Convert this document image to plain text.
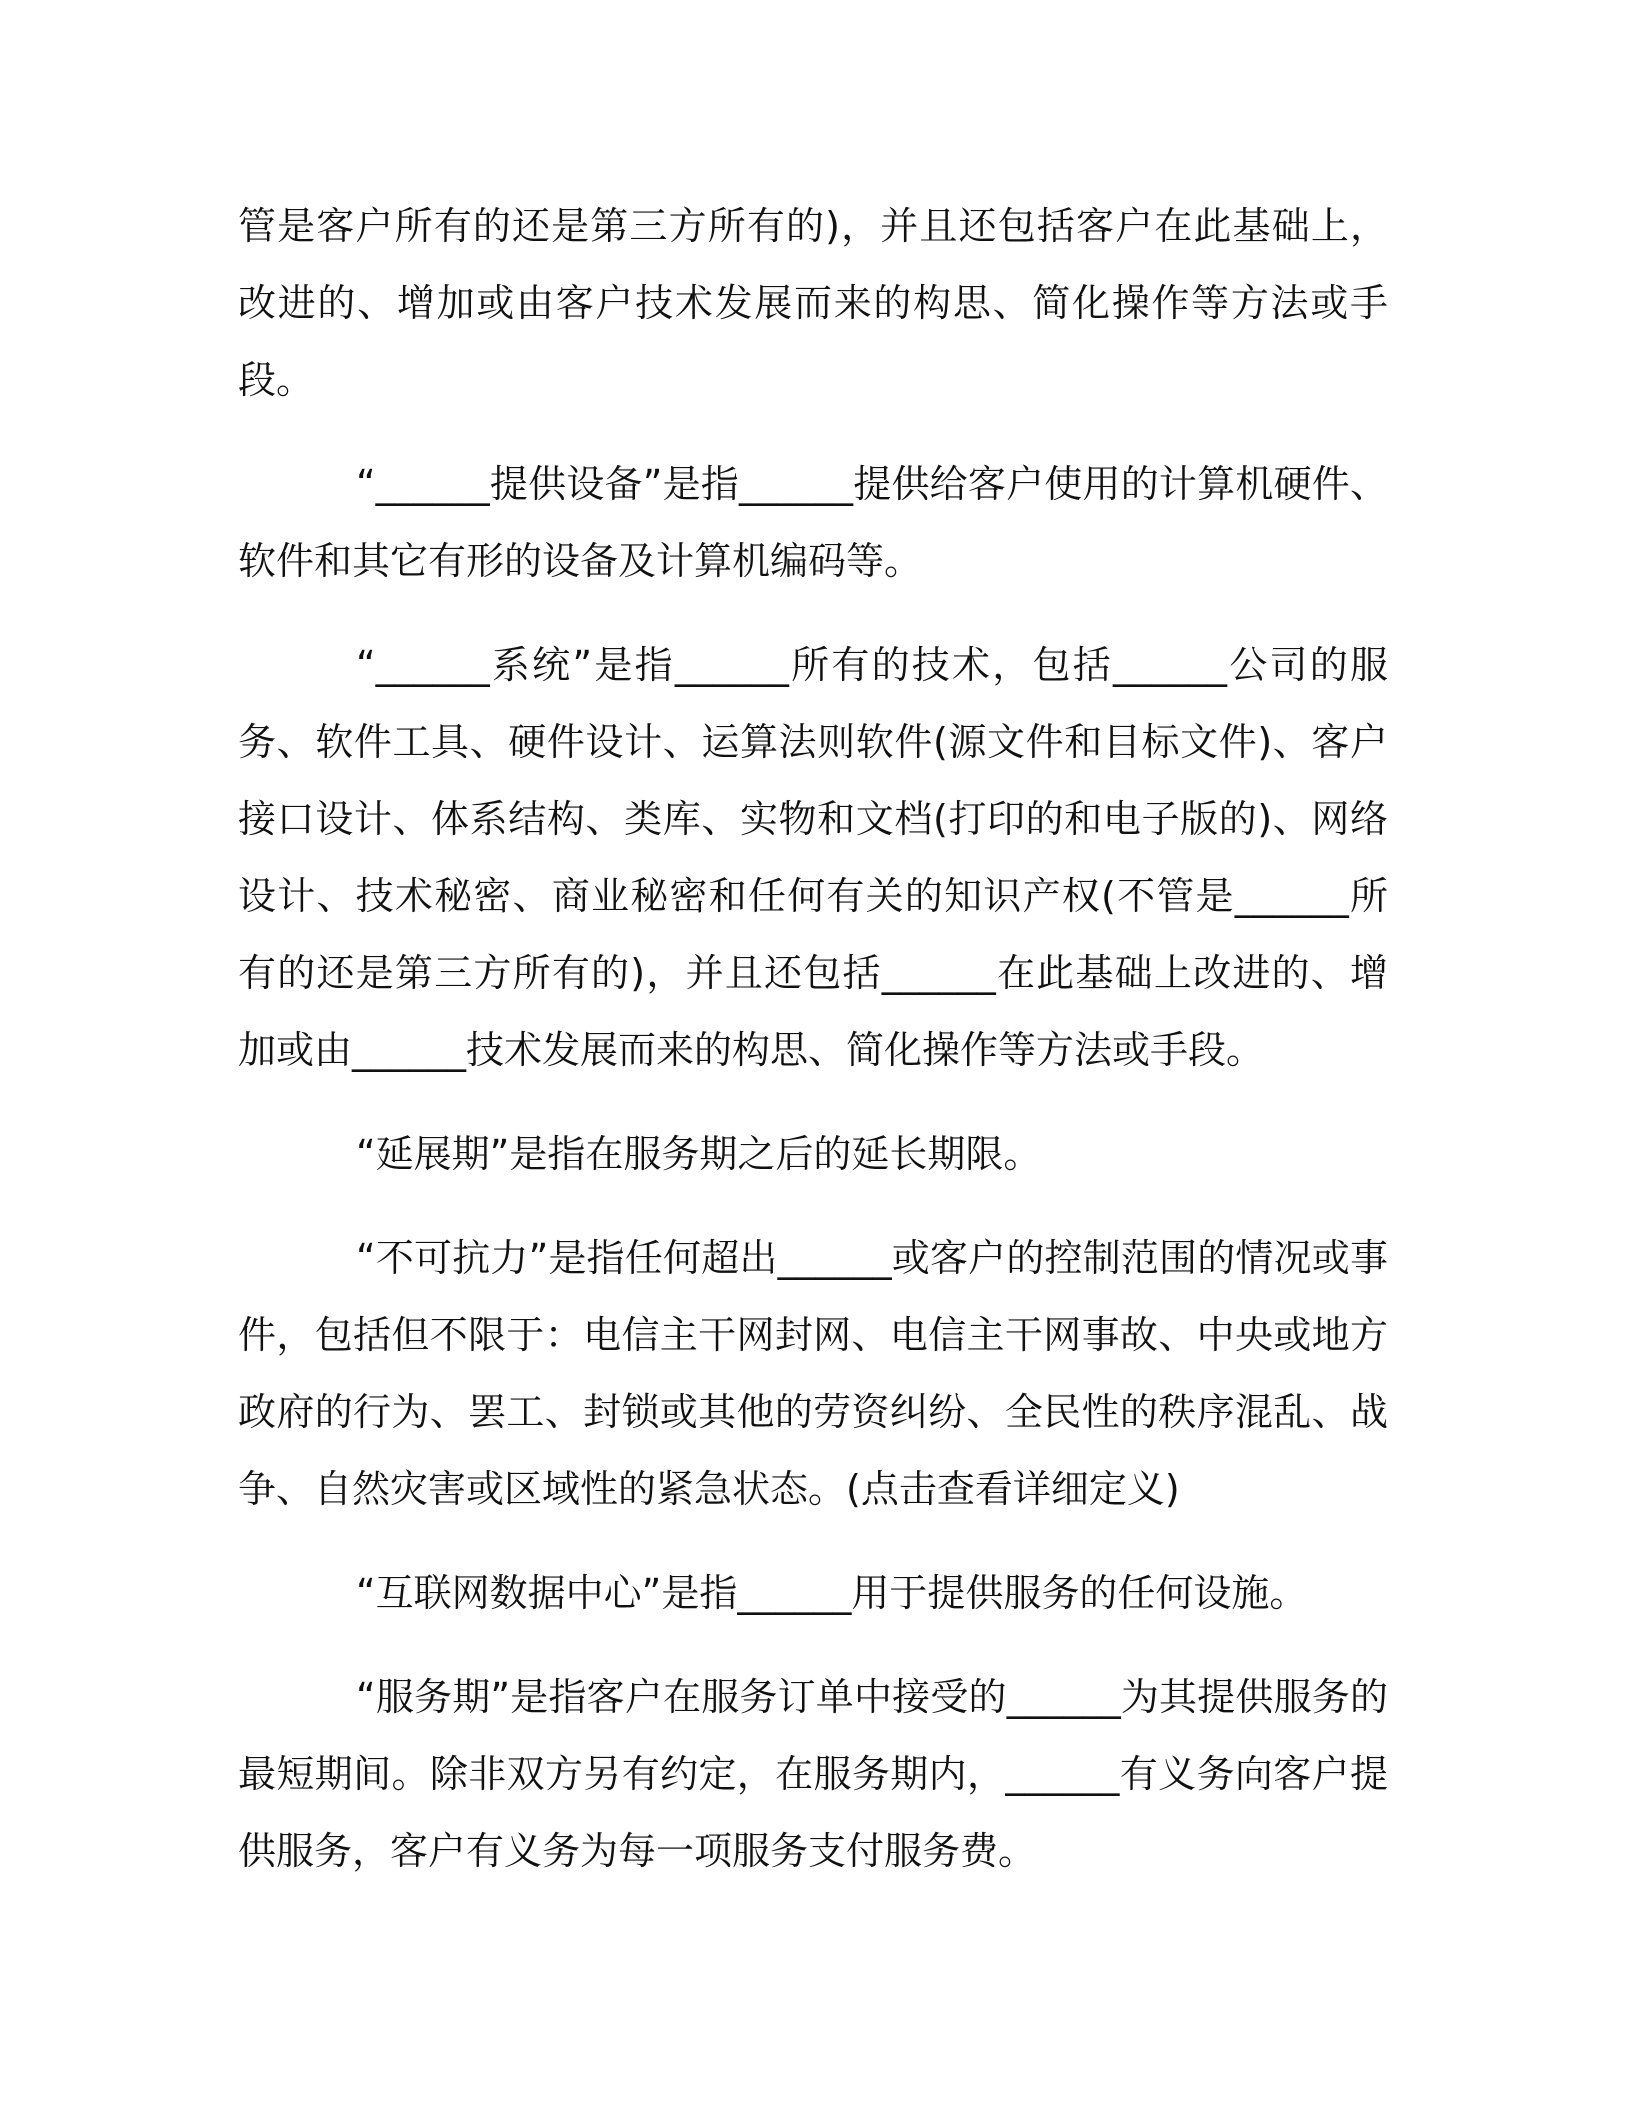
管是客户所有的还是第三方所有的)，并且还包括客户在此基础上，改进的、增加或由客户技术发展而来的构思、简化操作等方法或手段。

“______提供设备”是指______提供给客户使用的计算机硬件、软件和其它有形的设备及计算机编码等。

“______系统”是指______所有的技术，包括______公司的服务、软件工具、硬件设计、运算法则软件(源文件和目标文件)、客户接口设计、体系结构、类库、实物和文档(打印的和电子版的)、网络设计、技术秘密、商业秘密和任何有关的知识产权(不管是______所有的还是第三方所有的)，并且还包括______在此基础上改进的、增加或由______技术发展而来的构思、简化操作等方法或手段。

“延展期”是指在服务期之后的延长期限。

“不可抗力”是指任何超出______或客户的控制范围的情况或事件，包括但不限于：电信主干网封网、电信主干网事故、中央或地方政府的行为、罢工、封锁或其他的劳资纠纷、全民性的秩序混乱、战争、自然灾害或区域性的紧急状态。(点击查看详细定义)

“互联网数据中心”是指______用于提供服务的任何设施。

“服务期”是指客户在服务订单中接受的______为其提供服务的最短期间。除非双方另有约定，在服务期内，______有义务向客户提供服务，客户有义务为每一项服务支付服务费。
